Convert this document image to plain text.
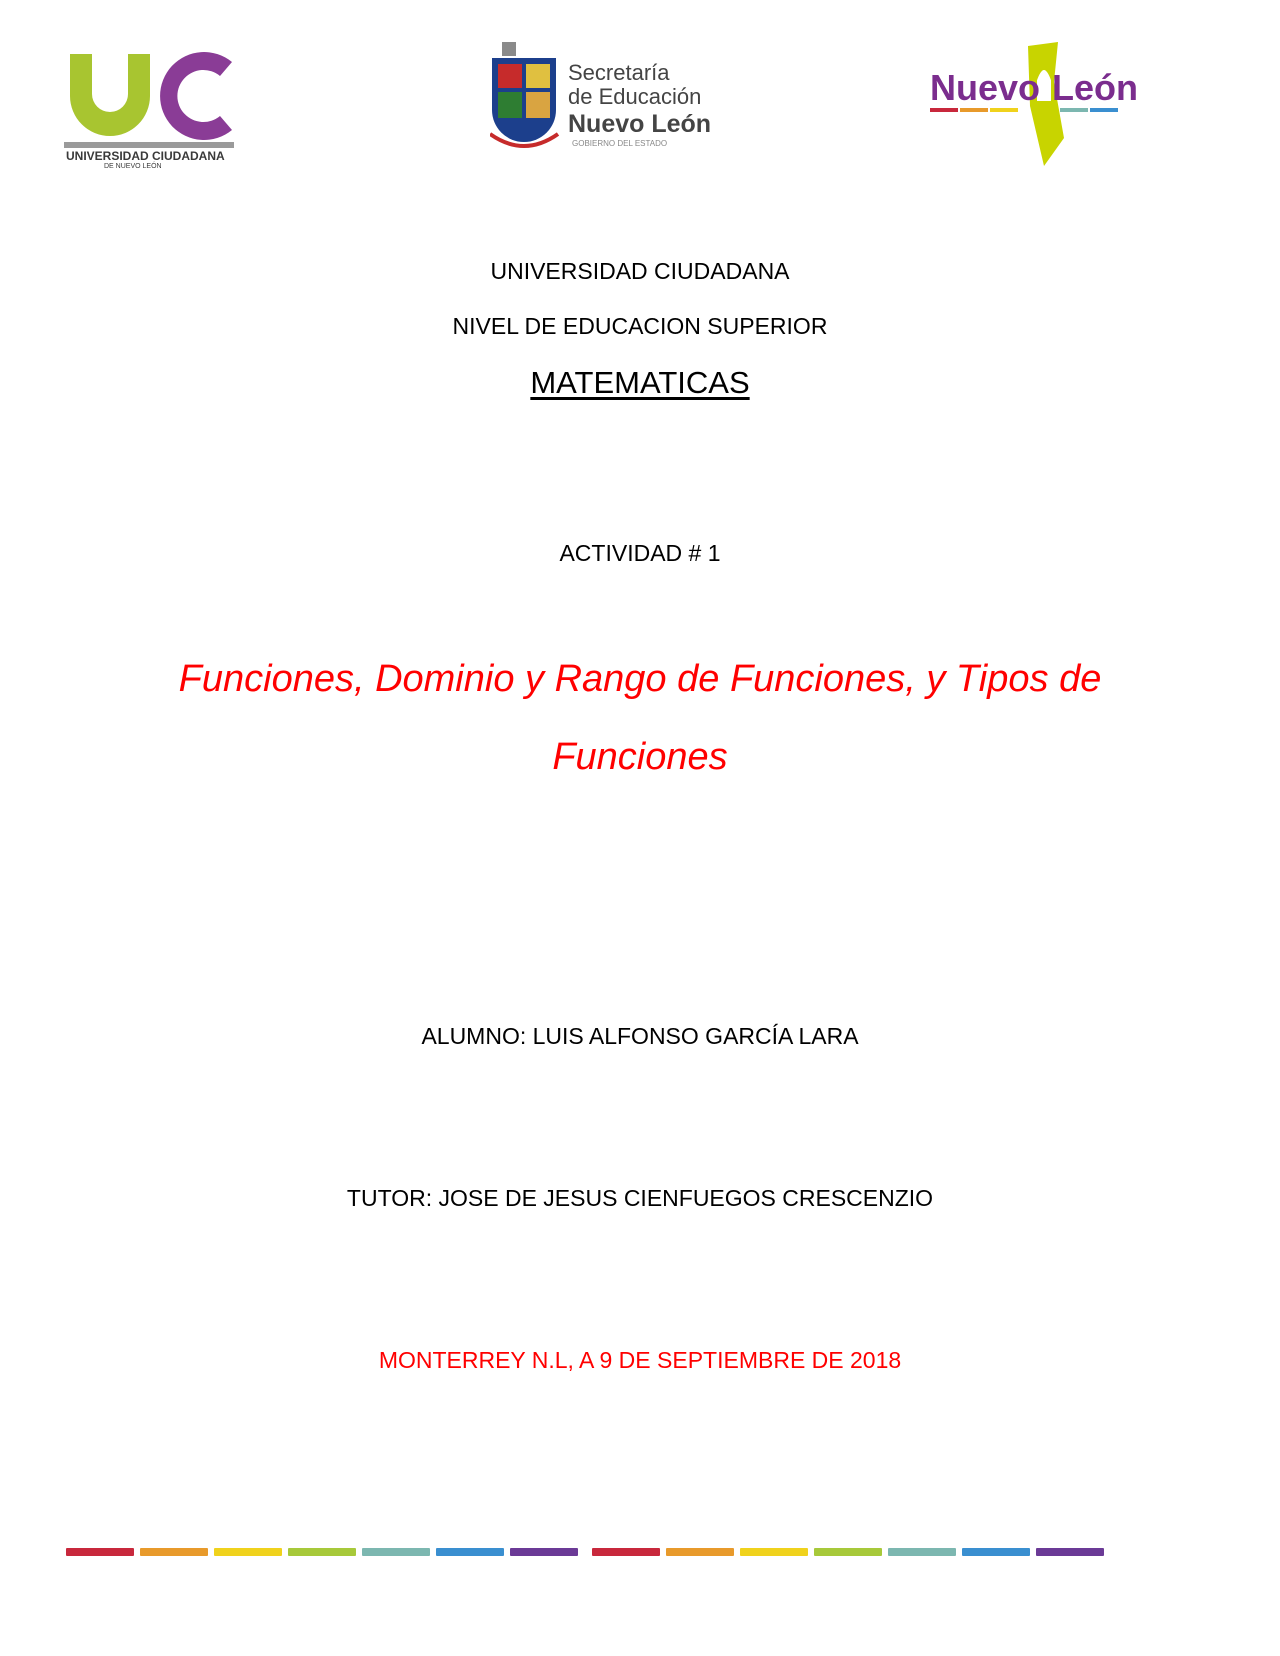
UNIVERSIDAD CIUDADANA
DE NUEVO LEÓN
Secretaría
de Educación
Nuevo León
GOBIERNO DEL ESTADO
Nuevo León
UNIVERSIDAD CIUDADANA
NIVEL DE EDUCACION SUPERIOR
MATEMATICAS
ACTIVIDAD # 1
Funciones, Dominio y Rango de Funciones, y Tipos de Funciones
ALUMNO: LUIS ALFONSO GARCÍA LARA
TUTOR: JOSE DE JESUS CIENFUEGOS CRESCENZIO
MONTERREY N.L, A 9 DE SEPTIEMBRE DE 2018
